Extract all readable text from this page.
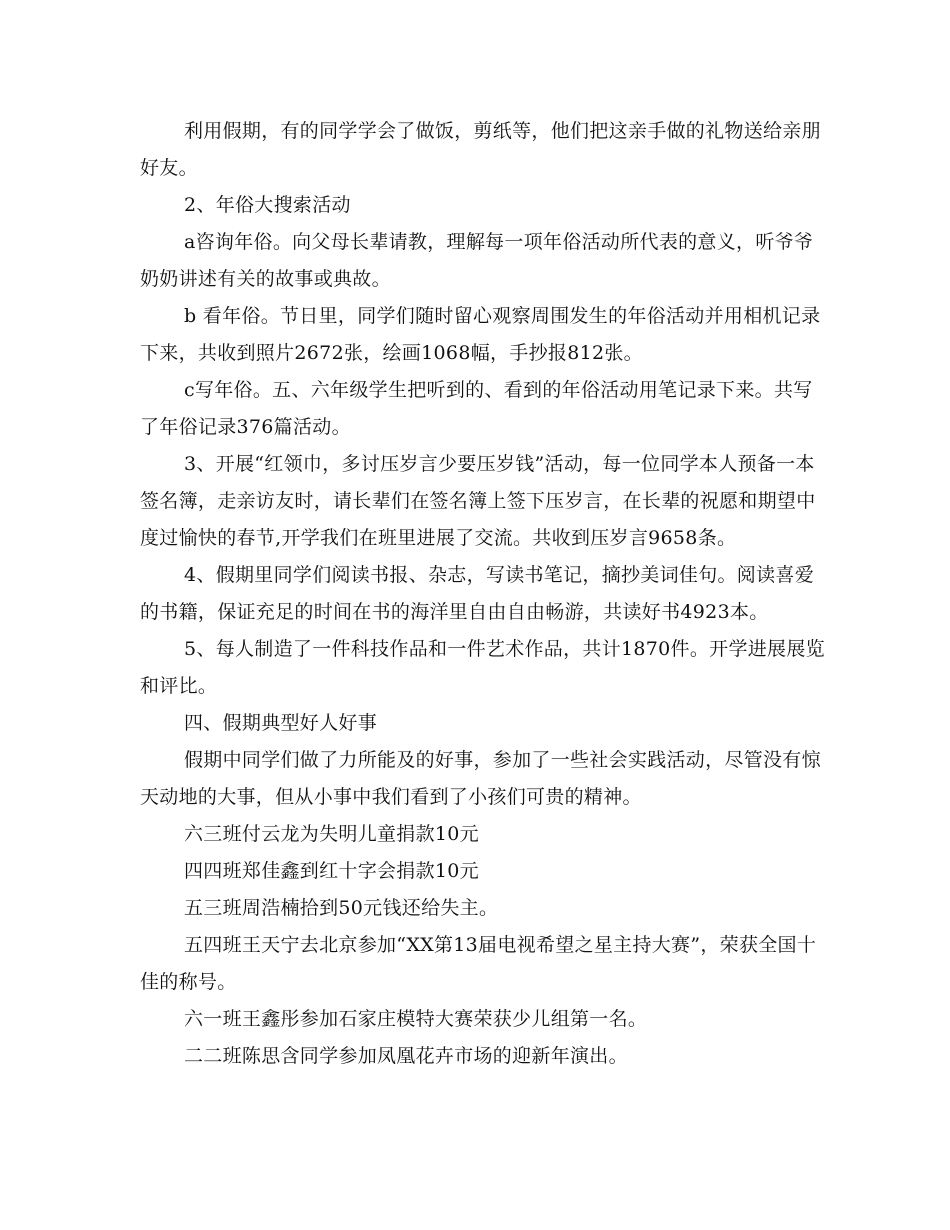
利用假期，有的同学学会了做饭，剪纸等，他们把这亲手做的礼物送给亲朋好友。

2、年俗大搜索活动

a咨询年俗。向父母长辈请教，理解每一项年俗活动所代表的意义，听爷爷奶奶讲述有关的故事或典故。

b 看年俗。节日里，同学们随时留心观察周围发生的年俗活动并用相机记录下来，共收到照片2672张，绘画1068幅，手抄报812张。

c写年俗。五、六年级学生把听到的、看到的年俗活动用笔记录下来。共写了年俗记录376篇活动。

3、开展“红领巾，多讨压岁言少要压岁钱”活动，每一位同学本人预备一本签名簿，走亲访友时，请长辈们在签名簿上签下压岁言，在长辈的祝愿和期望中度过愉快的春节,开学我们在班里进展了交流。共收到压岁言9658条。

4、假期里同学们阅读书报、杂志，写读书笔记，摘抄美词佳句。阅读喜爱的书籍，保证充足的时间在书的海洋里自由自由畅游，共读好书4923本。

5、每人制造了一件科技作品和一件艺术作品，共计1870件。开学进展展览和评比。

四、假期典型好人好事

假期中同学们做了力所能及的好事，参加了一些社会实践活动，尽管没有惊天动地的大事，但从小事中我们看到了小孩们可贵的精神。

六三班付云龙为失明儿童捐款10元

四四班郑佳鑫到红十字会捐款10元

五三班周浩楠拾到50元钱还给失主。

五四班王天宁去北京参加“XX第13届电视希望之星主持大赛”，荣获全国十佳的称号。

六一班王鑫彤参加石家庄模特大赛荣获少儿组第一名。

二二班陈思含同学参加凤凰花卉市场的迎新年演出。
